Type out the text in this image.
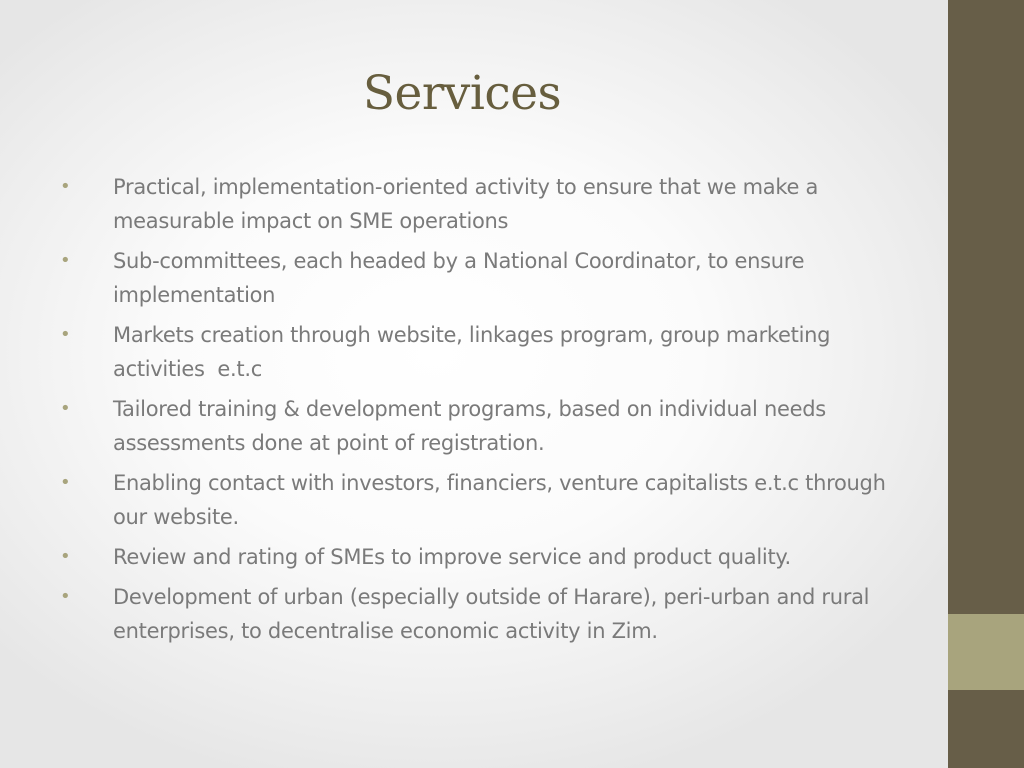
Services
•	Practical, implementation-oriented activity to ensure that we make a measurable impact on SME operations
•	Sub-committees, each headed by a National Coordinator, to ensure implementation
•	Markets creation through website, linkages program, group marketing activities  e.t.c
•	Tailored training & development programs, based on individual needs assessments done at point of registration.
•	Enabling contact with investors, financiers, venture capitalists e.t.c through our website.
•	Review and rating of SMEs to improve service and product quality.
•	Development of urban (especially outside of Harare), peri-urban and rural enterprises, to decentralise economic activity in Zim.
